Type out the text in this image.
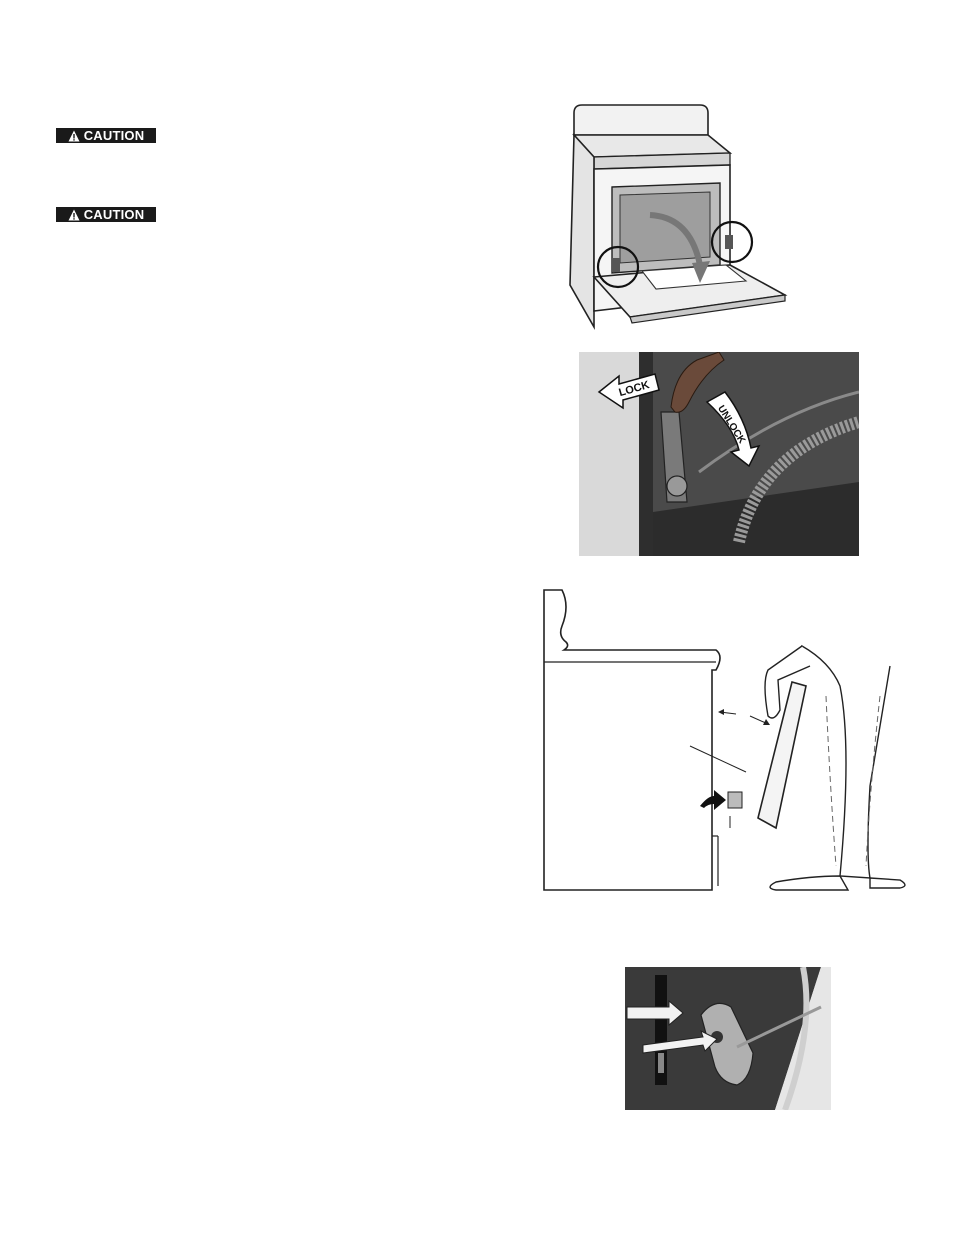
CAUTION
CAUTION
LOCK
UNLOCK
